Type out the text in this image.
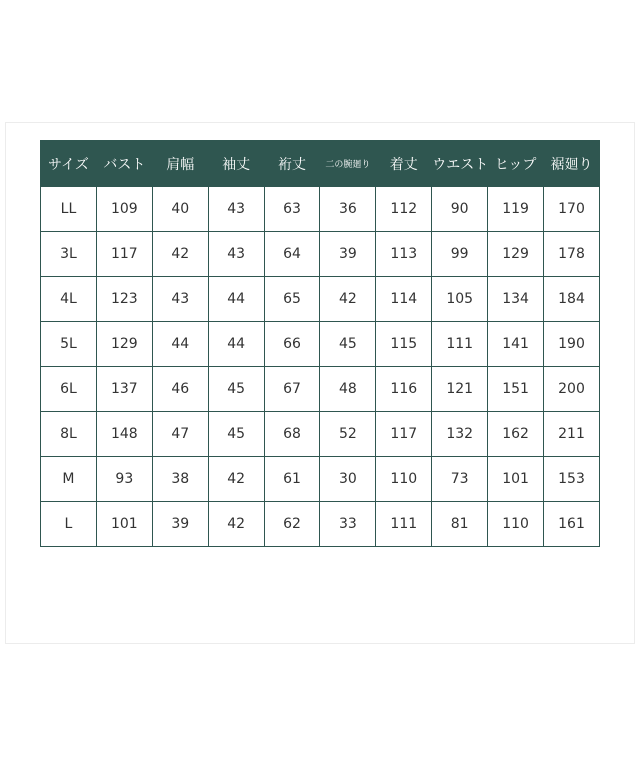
サイズ	バスト	肩幅	袖丈	裄丈	二の腕廻り	着丈	ウエスト	ヒップ	裾廻り
LL	109	40	43	63	36	112	90	119	170
3L	117	42	43	64	39	113	99	129	178
4L	123	43	44	65	42	114	105	134	184
5L	129	44	44	66	45	115	111	141	190
6L	137	46	45	67	48	116	121	151	200
8L	148	47	45	68	52	117	132	162	211
M	93	38	42	61	30	110	73	101	153
L	101	39	42	62	33	111	81	110	161
